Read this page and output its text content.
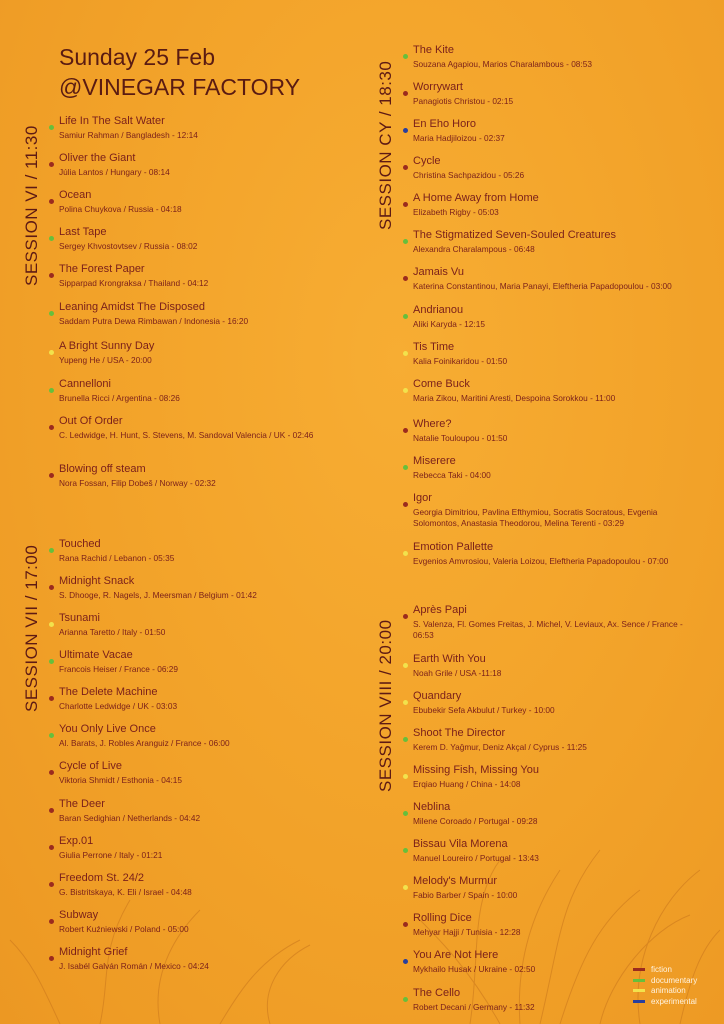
Sunday 25 Feb
@VINEGAR FACTORY
SESSION VI / 11:30
SESSION VII / 17:00
SESSION CY / 18:30
SESSION VIII / 20:00
Life In The Salt Water
Samiur Rahman / Bangladesh - 12:14
Oliver the Giant
Júlia Lantos / Hungary - 08:14
Ocean
Polina Chuykova / Russia - 04:18
Last Tape
Sergey Khvostovtsev / Russia - 08:02
The Forest Paper
Sipparpad Krongraksa / Thailand - 04:12
Leaning Amidst The Disposed
Saddam Putra Dewa Rimbawan / Indonesia - 16:20
A Bright Sunny Day
Yupeng He / USA - 20:00
Cannelloni
Brunella Ricci / Argentina - 08:26
Out Of Order
C. Ledwidge, H. Hunt, S. Stevens, M. Sandoval Valencia / UK - 02:46
Blowing off steam
Nora Fossan, Filip Dobeš / Norway - 02:32
Touched
Rana Rachid / Lebanon - 05:35
Midnight Snack
S. Dhooge, R. Nagels, J. Meersman / Belgium - 01:42
Tsunami
Arianna Taretto / Italy - 01:50
Ultimate Vacae
Francois Heiser / France - 06:29
The Delete Machine
Charlotte Ledwidge / UK - 03:03
You Only Live Once
Al. Barats, J. Robles Aranguiz / France - 06:00
Cycle of Live
Viktoria Shmidt / Esthonia - 04:15
The Deer
Baran Sedighian / Netherlands - 04:42
Exp.01
Giulia Perrone / Italy - 01:21
Freedom St. 24/2
G. Bistritskaya, K. Eli / Israel - 04:48
Subway
Robert Kuźniewski / Poland - 05:00
Midnight Grief
J. Isabél Galván Román / Mexico - 04:24
The Kite
Souzana Agapiou, Marios Charalambous - 08:53
Worrywart
Panagiotis Christou - 02:15
En Eho Horo
Maria Hadjiloizou - 02:37
Cycle
Christina Sachpazidou - 05:26
A Home Away from Home
Elizabeth Rigby - 05:03
The Stigmatized Seven-Souled Creatures
Alexandra Charalampous - 06:48
Jamais Vu
Katerina Constantinou, Maria Panayi, Eleftheria Papadopoulou - 03:00
Andrianou
Aliki Karyda - 12:15
Tis Time
Kalia Foinikaridou - 01:50
Come Buck
Maria Zikou, Maritini Aresti, Despoina Sorokkou - 11:00
Where?
Natalie Touloupou - 01:50
Miserere
Rebecca Taki - 04:00
Igor
Georgia Dimitriou, Pavlina Efthymiou, Socratis Socratous, Evgenia Solomontos, Anastasia Theodorou, Melina Terenti - 03:29
Emotion Pallette
Evgenios Amvrosiou, Valeria Loizou, Eleftheria Papadopoulou - 07:00
Après Papi
S. Valenza, Fl. Gomes Freitas, J. Michel, V. Leviaux, Ax. Sence / France - 06:53
Earth With You
Noah Grile / USA -11:18
Quandary
Ebubekir Sefa Akbulut / Turkey - 10:00
Shoot The Director
Kerem D. Yağmur, Deniz Akçal / Cyprus - 11:25
Missing Fish, Missing You
Erqiao Huang / China - 14:08
Neblina
Milene Coroado / Portugal - 09:28
Bissau Vila Morena
Manuel Loureiro / Portugal - 13:43
Melody's Murmur
Fabio Barber / Spain - 10:00
Rolling Dice
Mehyar Hajji / Tunisia - 12:28
You Are Not Here
Mykhailo Husak / Ukraine - 02:50
The Cello
Robert Decani / Germany - 11:32
fiction
documentary
animation
experimental
